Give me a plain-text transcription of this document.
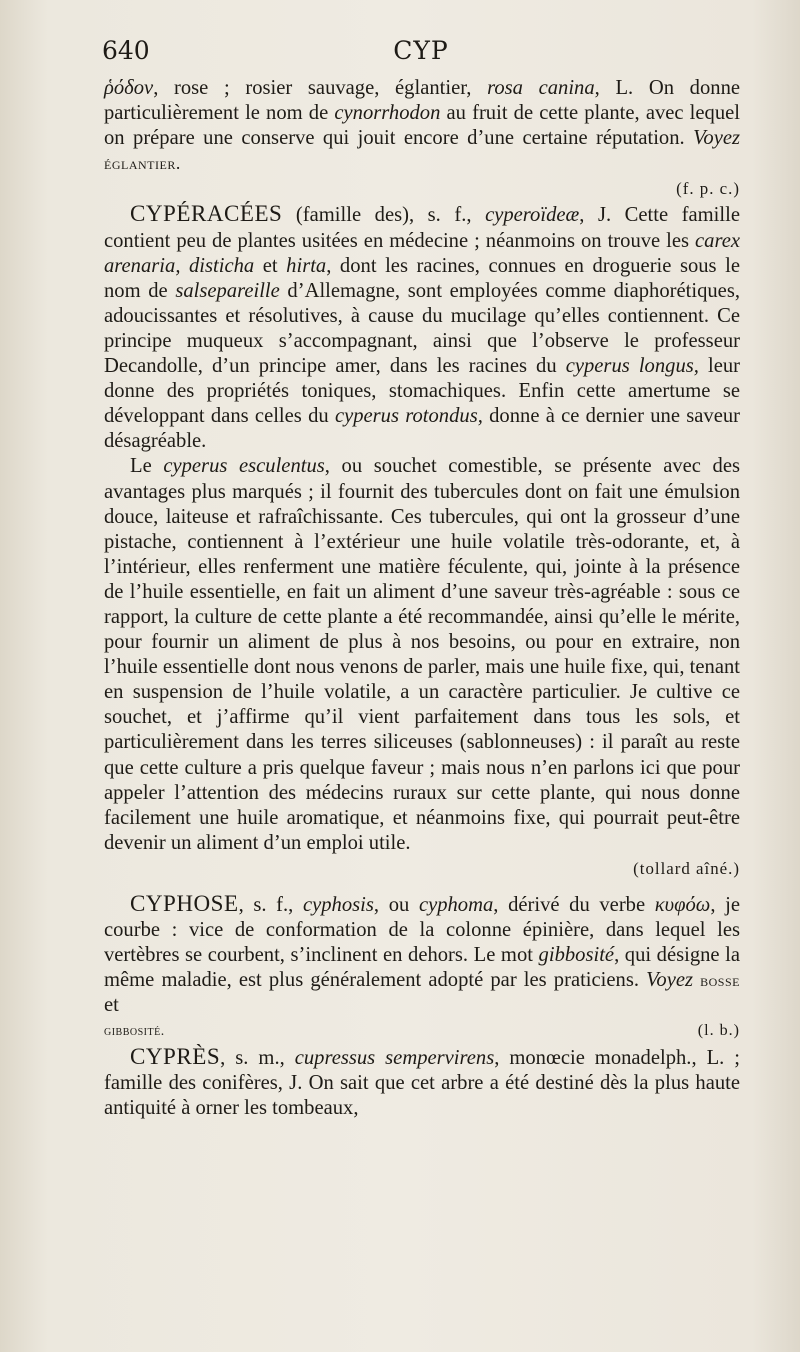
640	CYP

ῥόδον, rose ; rosier sauvage, églantier, rosa canina, L. On donne particulièrement le nom de cynorrhodon au fruit de cette plante, avec lequel on prépare une conserve qui jouit encore d’une certaine réputation. Voyez églantier.

(f. p. c.)

CYPÉRACÉES (famille des), s. f., cyperoïdeæ, J. Cette famille contient peu de plantes usitées en médecine ; néanmoins on trouve les carex arenaria, disticha et hirta, dont les racines, connues en droguerie sous le nom de salsepareille d’Allemagne, sont employées comme diaphorétiques, adoucissantes et résolutives, à cause du mucilage qu’elles contiennent. Ce principe muqueux s’accompagnant, ainsi que l’observe le professeur Decandolle, d’un principe amer, dans les racines du cyperus longus, leur donne des propriétés toniques, stomachiques. Enfin cette amertume se développant dans celles du cyperus rotondus, donne à ce dernier une saveur désagréable.

Le cyperus esculentus, ou souchet comestible, se présente avec des avantages plus marqués ; il fournit des tubercules dont on fait une émulsion douce, laiteuse et rafraîchissante. Ces tubercules, qui ont la grosseur d’une pistache, contiennent à l’extérieur une huile volatile très-odorante, et, à l’intérieur, elles renferment une matière féculente, qui, jointe à la présence de l’huile essentielle, en fait un aliment d’une saveur très-agréable : sous ce rapport, la culture de cette plante a été recommandée, ainsi qu’elle le mérite, pour fournir un aliment de plus à nos besoins, ou pour en extraire, non l’huile essentielle dont nous venons de parler, mais une huile fixe, qui, tenant en suspension de l’huile volatile, a un caractère particulier. Je cultive ce souchet, et j’affirme qu’il vient parfaitement dans tous les sols, et particulièrement dans les terres siliceuses (sablonneuses) : il paraît au reste que cette culture a pris quelque faveur ; mais nous n’en parlons ici que pour appeler l’attention des médecins ruraux sur cette plante, qui nous donne facilement une huile aromatique, et néanmoins fixe, qui pourrait peut-être devenir un aliment d’un emploi utile.

(tollard aîné.)

CYPHOSE, s. f., cyphosis, ou cyphoma, dérivé du verbe κυφόω, je courbe : vice de conformation de la colonne épinière, dans lequel les vertèbres se courbent, s’inclinent en dehors. Le mot gibbosité, qui désigne la même maladie, est plus généralement adopté par les praticiens. Voyez bosse et

gibbosité.	(l. b.)

CYPRÈS, s. m., cupressus sempervirens, monœcie monadelph., L. ; famille des conifères, J. On sait que cet arbre a été destiné dès la plus haute antiquité à orner les tombeaux,
